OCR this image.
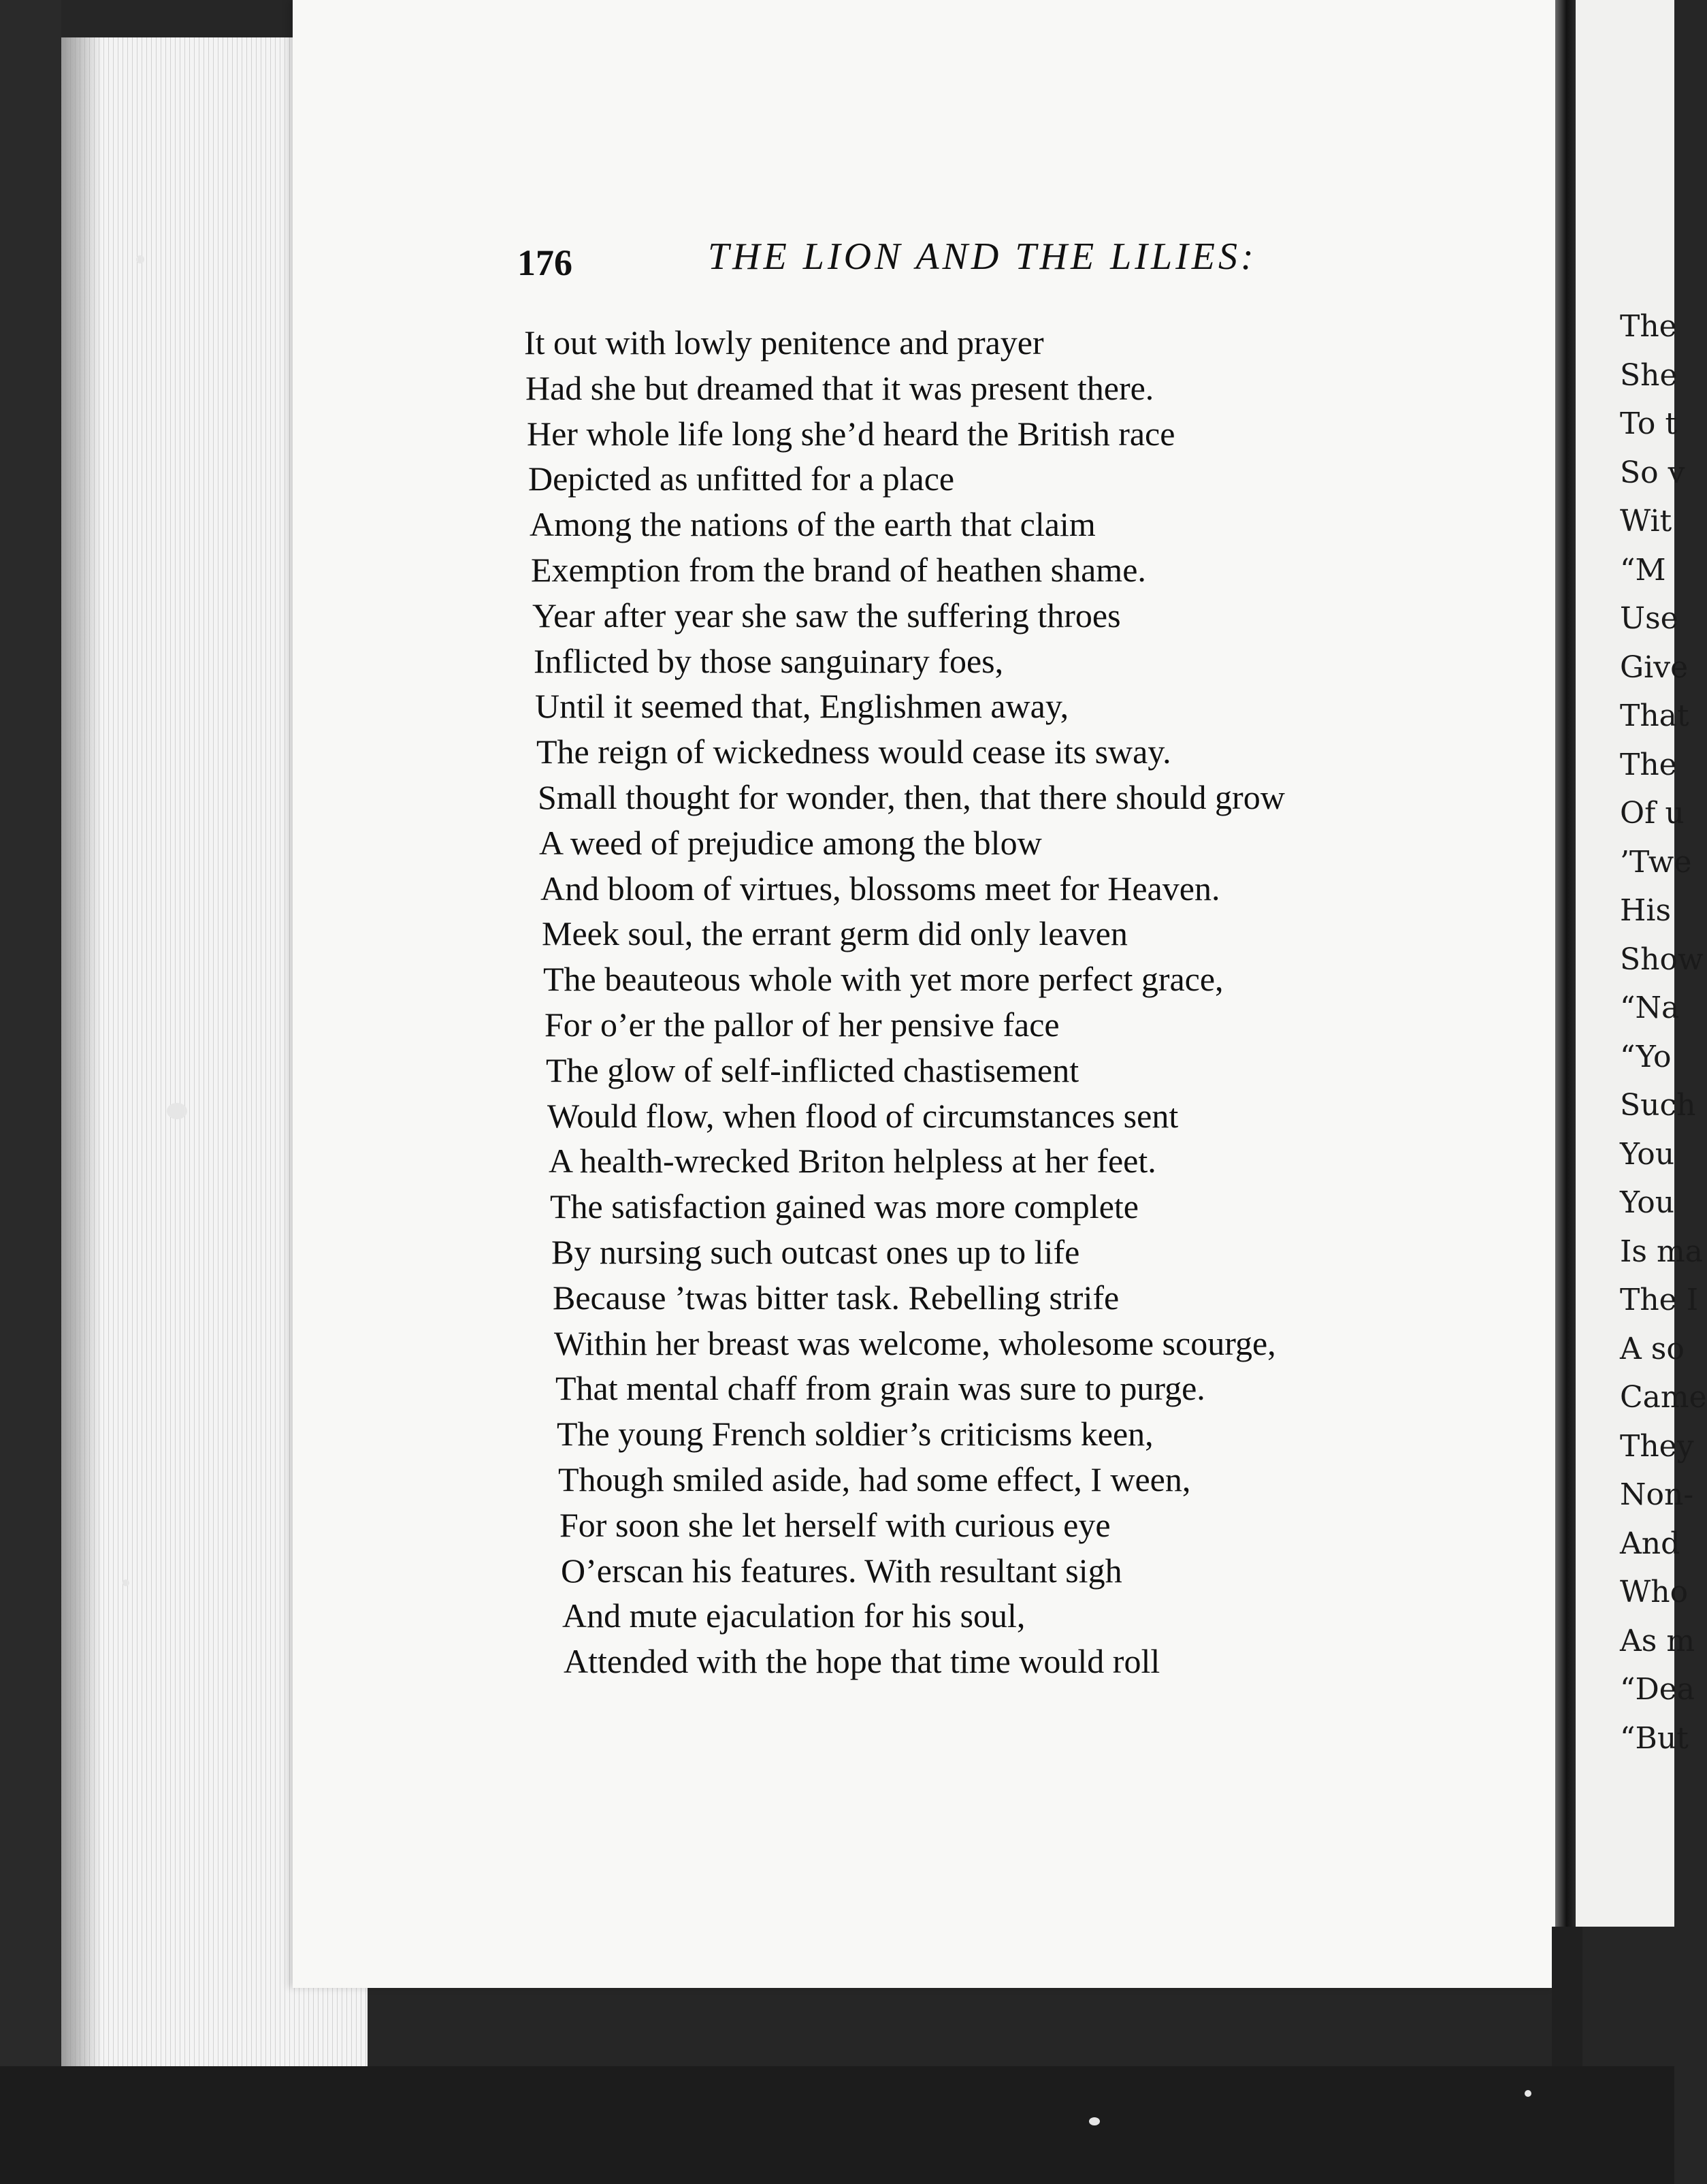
176	THE LION AND THE LILIES:
It out with lowly penitence and prayer
Had she but dreamed that it was present there.
Her whole life long she’d heard the British race
Depicted as unfitted for a place
Among the nations of the earth that claim
Exemption from the brand of heathen shame.
Year after year she saw the suffering throes
Inflicted by those sanguinary foes,
Until it seemed that, Englishmen away,
The reign of wickedness would cease its sway.
Small thought for wonder, then, that there should grow
A weed of prejudice among the blow
And bloom of virtues, blossoms meet for Heaven.
Meek soul, the errant germ did only leaven
The beauteous whole with yet more perfect grace,
For o’er the pallor of her pensive face
The glow of self-inflicted chastisement
Would flow, when flood of circumstances sent
A health-wrecked Briton helpless at her feet.
The satisfaction gained was more complete
By nursing such outcast ones up to life
Because ’twas bitter task. Rebelling strife
Within her breast was welcome, wholesome scourge,
That mental chaff from grain was sure to purge.
The young French soldier’s criticisms keen,
Though smiled aside, had some effect, I ween,
For soon she let herself with curious eye
O’erscan his features. With resultant sigh
And mute ejaculation for his soul,
Attended with the hope that time would roll
The
She
To t
So v
Wit
“M
Use
Give
That
The
Of u
’Twe
His
Show
“Na
“Yo
Such
You
You
Is ma
The I
A so
Came
They
Non-
And
Who
As m
“Dea
“But
